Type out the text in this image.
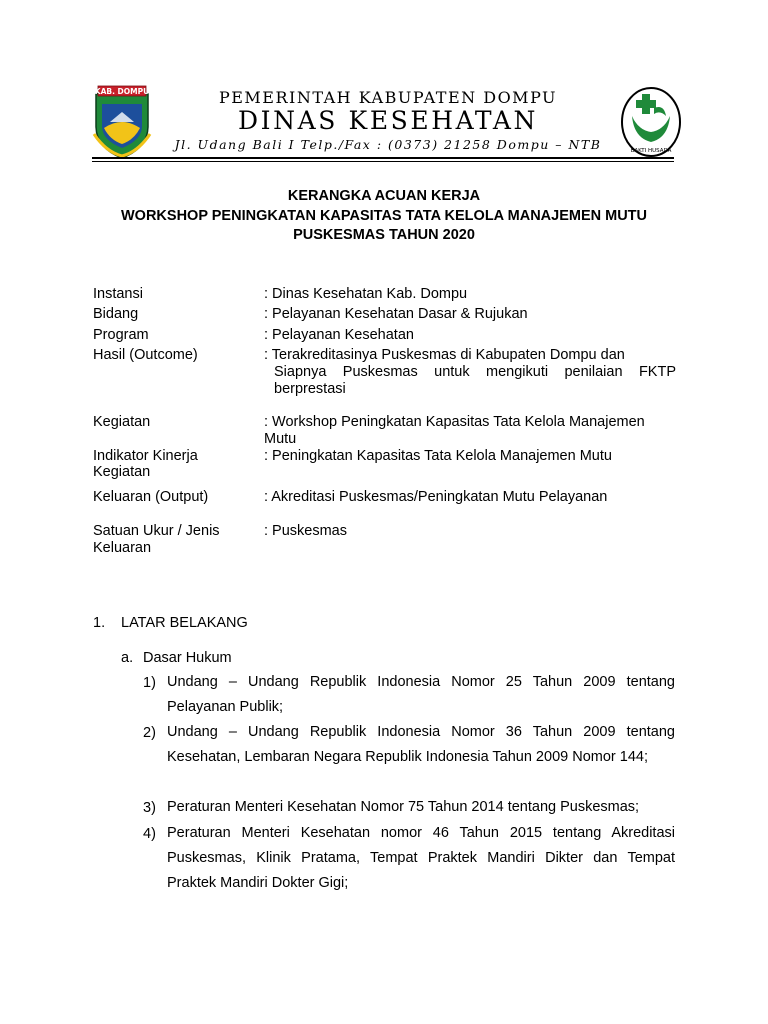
KAB. DOMPU	PEMERINTAH KABUPATEN DOMPU
DINAS KESEHATAN
Jl. Udang Bali I Telp./Fax : (0373) 21258 Dompu – NTB	BAKTI HUSADA
KERANGKA ACUAN KERJA
WORKSHOP PENINGKATAN KAPASITAS TATA KELOLA MANAJEMEN MUTU
PUSKESMAS TAHUN 2020
Instansi	: Dinas Kesehatan Kab. Dompu
Bidang	: Pelayanan Kesehatan Dasar & Rujukan
Program	: Pelayanan Kesehatan
Hasil (Outcome)	: Terakreditasinya Puskesmas di Kabupaten Dompu dan
Siapnya Puskesmas untuk mengikuti penilaian FKTP
berprestasi
Kegiatan	: Workshop Peningkatan Kapasitas Tata Kelola Manajemen
Mutu
Indikator Kinerja
Kegiatan
: Peningkatan Kapasitas Tata Kelola Manajemen Mutu
Keluaran (Output)	: Akreditasi Puskesmas/Peningkatan Mutu Pelayanan
Satuan Ukur / Jenis
Keluaran
: Puskesmas
1. LATAR BELAKANG
a. Dasar Hukum
1) Undang – Undang Republik Indonesia Nomor 25 Tahun 2009 tentang Pelayanan Publik;
2) Undang – Undang Republik Indonesia Nomor 36 Tahun 2009 tentang Kesehatan, Lembaran Negara Republik Indonesia Tahun 2009 Nomor 144;
3) Peraturan Menteri Kesehatan Nomor 75 Tahun 2014 tentang Puskesmas;
4) Peraturan Menteri Kesehatan nomor 46 Tahun 2015 tentang Akreditasi Puskesmas, Klinik Pratama, Tempat Praktek Mandiri Dikter dan Tempat Praktek Mandiri Dokter Gigi;
